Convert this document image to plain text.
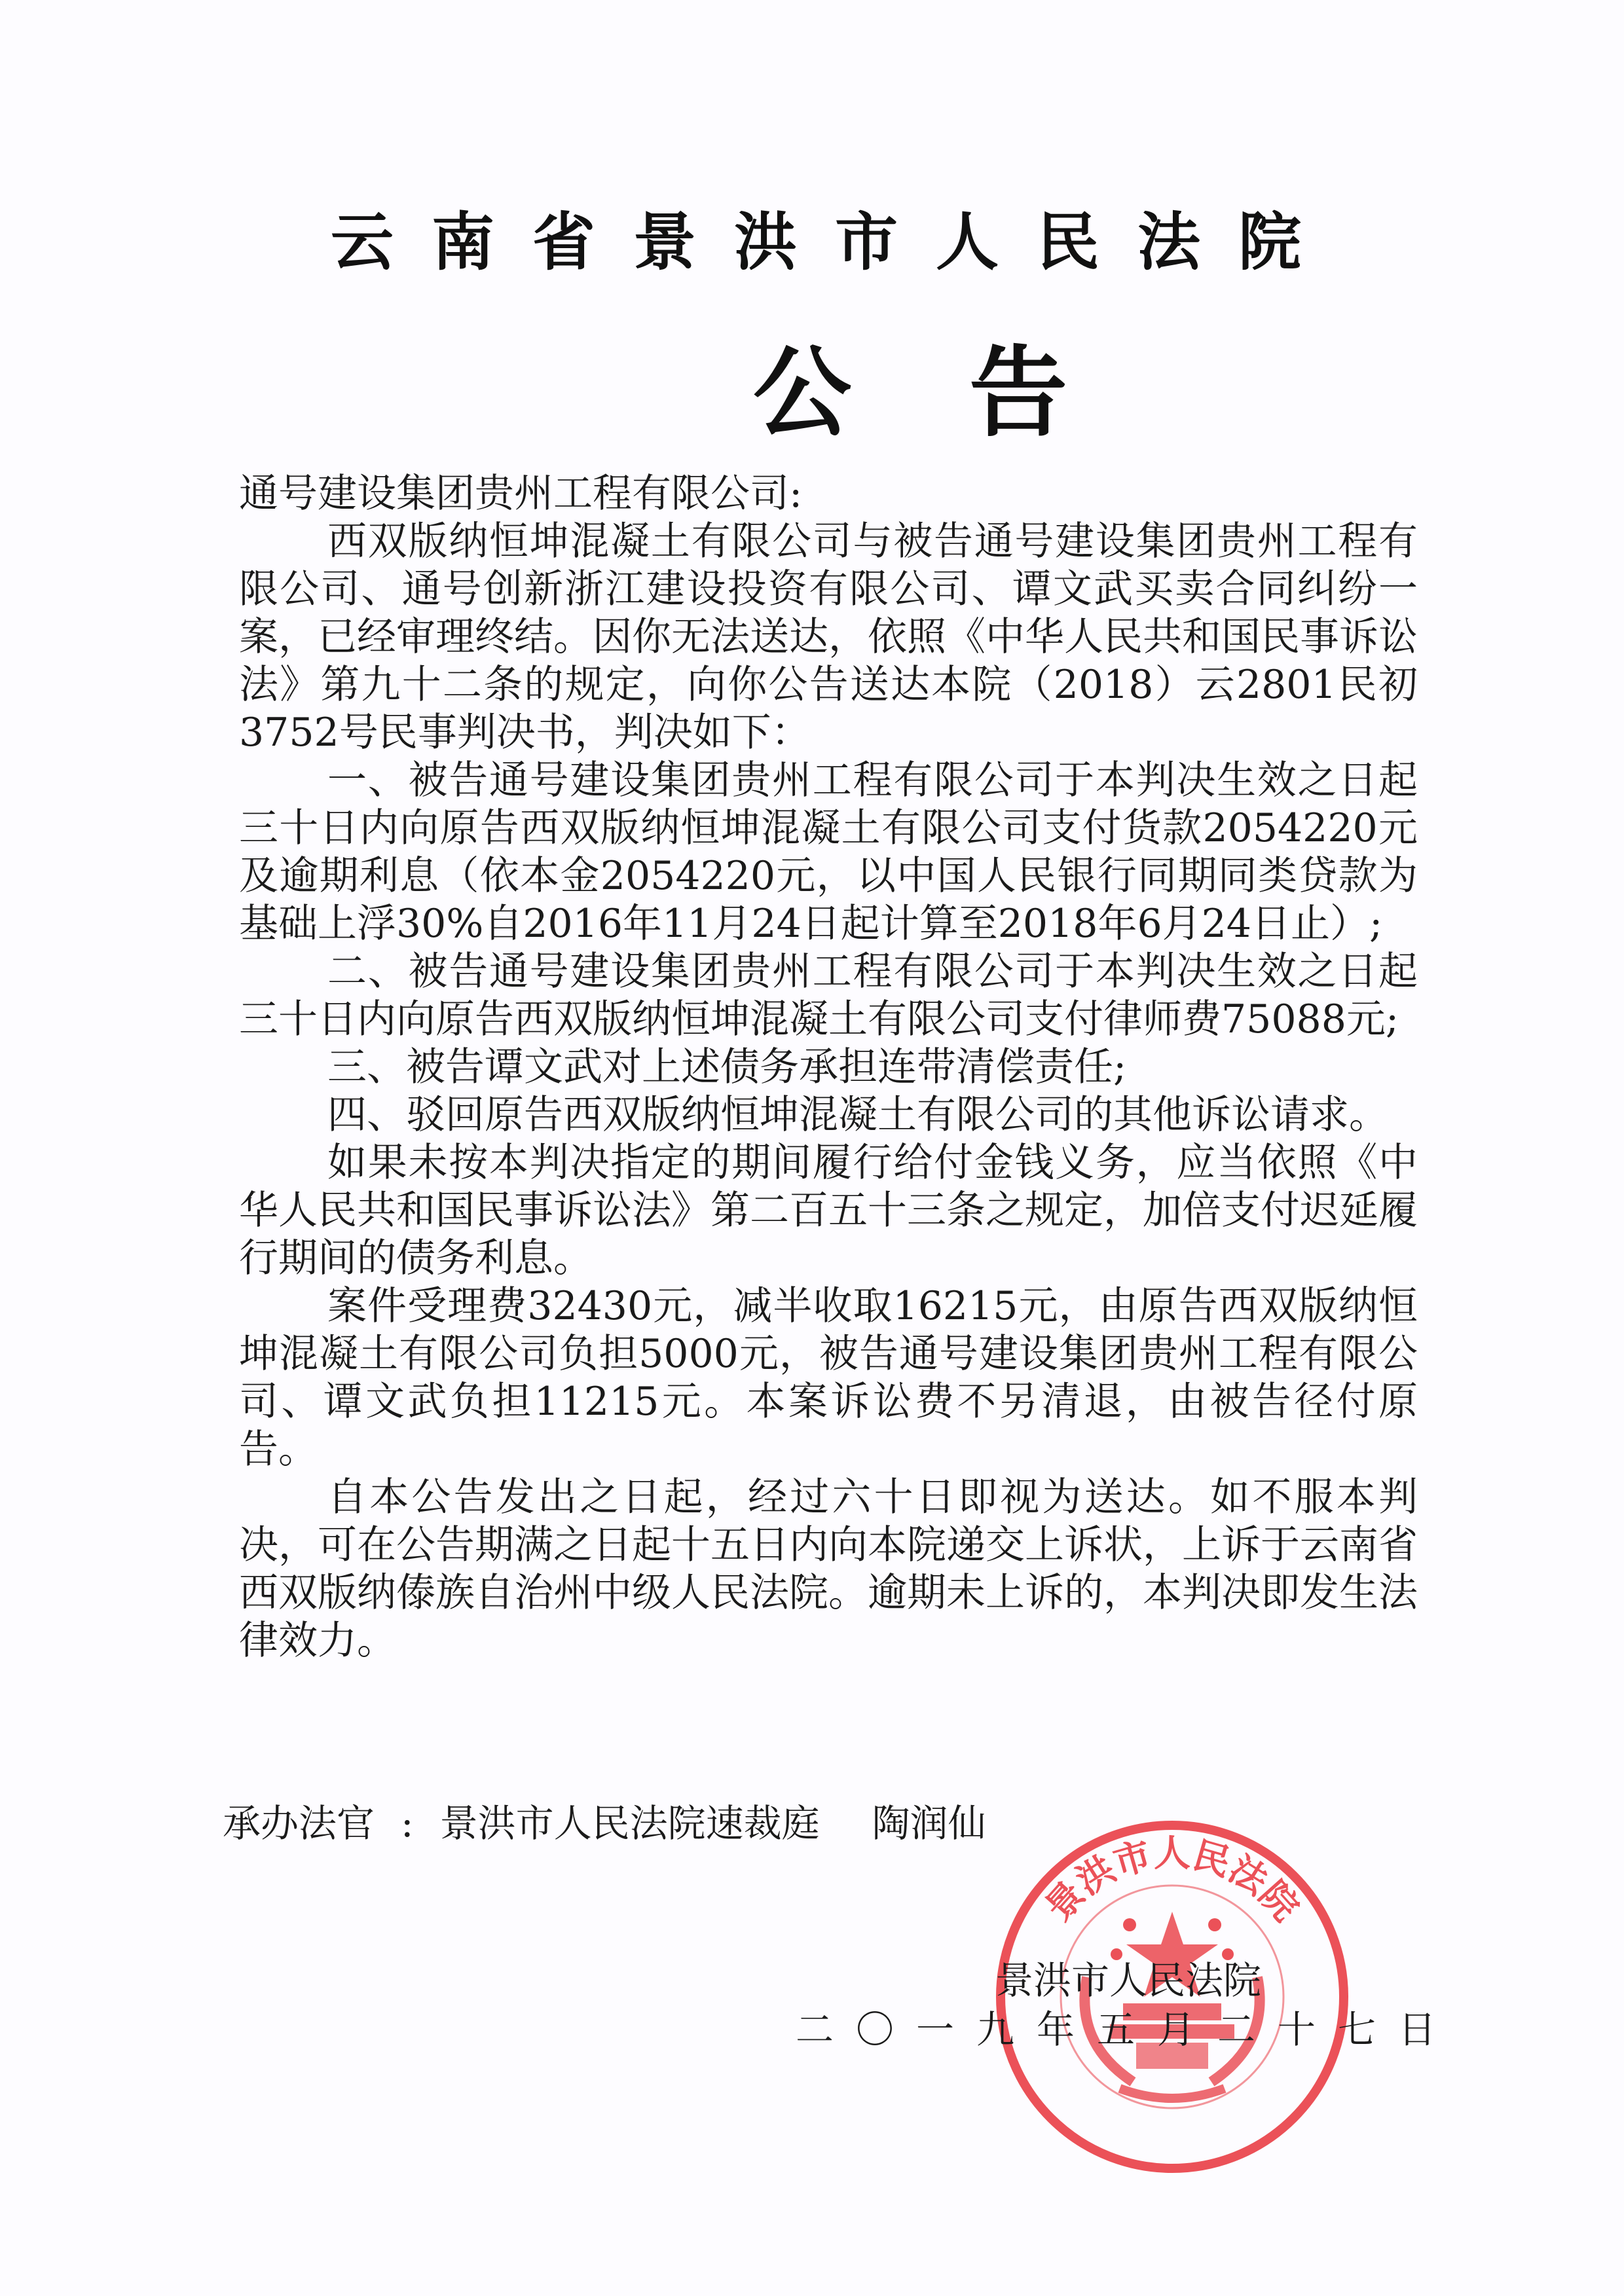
云南省景洪市人民法院
公告

通号建设集团贵州工程有限公司:

西双版纳恒坤混凝土有限公司与被告通号建设集团贵州工程有限公司、通号创新浙江建设投资有限公司、谭文武买卖合同纠纷一案，已经审理终结。因你无法送达，依照《中华人民共和国民事诉讼法》第九十二条的规定，向你公告送达本院（2018）云2801民初3752号民事判决书，判决如下：

一、被告通号建设集团贵州工程有限公司于本判决生效之日起三十日内向原告西双版纳恒坤混凝土有限公司支付货款2054220元及逾期利息（依本金2054220元，以中国人民银行同期同类贷款为基础上浮30%自2016年11月24日起计算至2018年6月24日止）;

二、被告通号建设集团贵州工程有限公司于本判决生效之日起三十日内向原告西双版纳恒坤混凝土有限公司支付律师费75088元;

三、被告谭文武对上述债务承担连带清偿责任;

四、驳回原告西双版纳恒坤混凝土有限公司的其他诉讼请求。

如果未按本判决指定的期间履行给付金钱义务，应当依照《中华人民共和国民事诉讼法》第二百五十三条之规定，加倍支付迟延履行期间的债务利息。

案件受理费32430元，减半收取16215元，由原告西双版纳恒坤混凝土有限公司负担5000元，被告通号建设集团贵州工程有限公司、谭文武负担11215元。本案诉讼费不另清退，由被告径付原告。

自本公告发出之日起，经过六十日即视为送达。如不服本判决，可在公告期满之日起十五日内向本院递交上诉状，上诉于云南省西双版纳傣族自治州中级人民法院。逾期未上诉的，本判决即发生法律效力。

承办法官 : 景洪市人民法院速裁庭 陶润仙
景洪市人民法院
景洪市人民法院
二〇一九年五月二十七日
